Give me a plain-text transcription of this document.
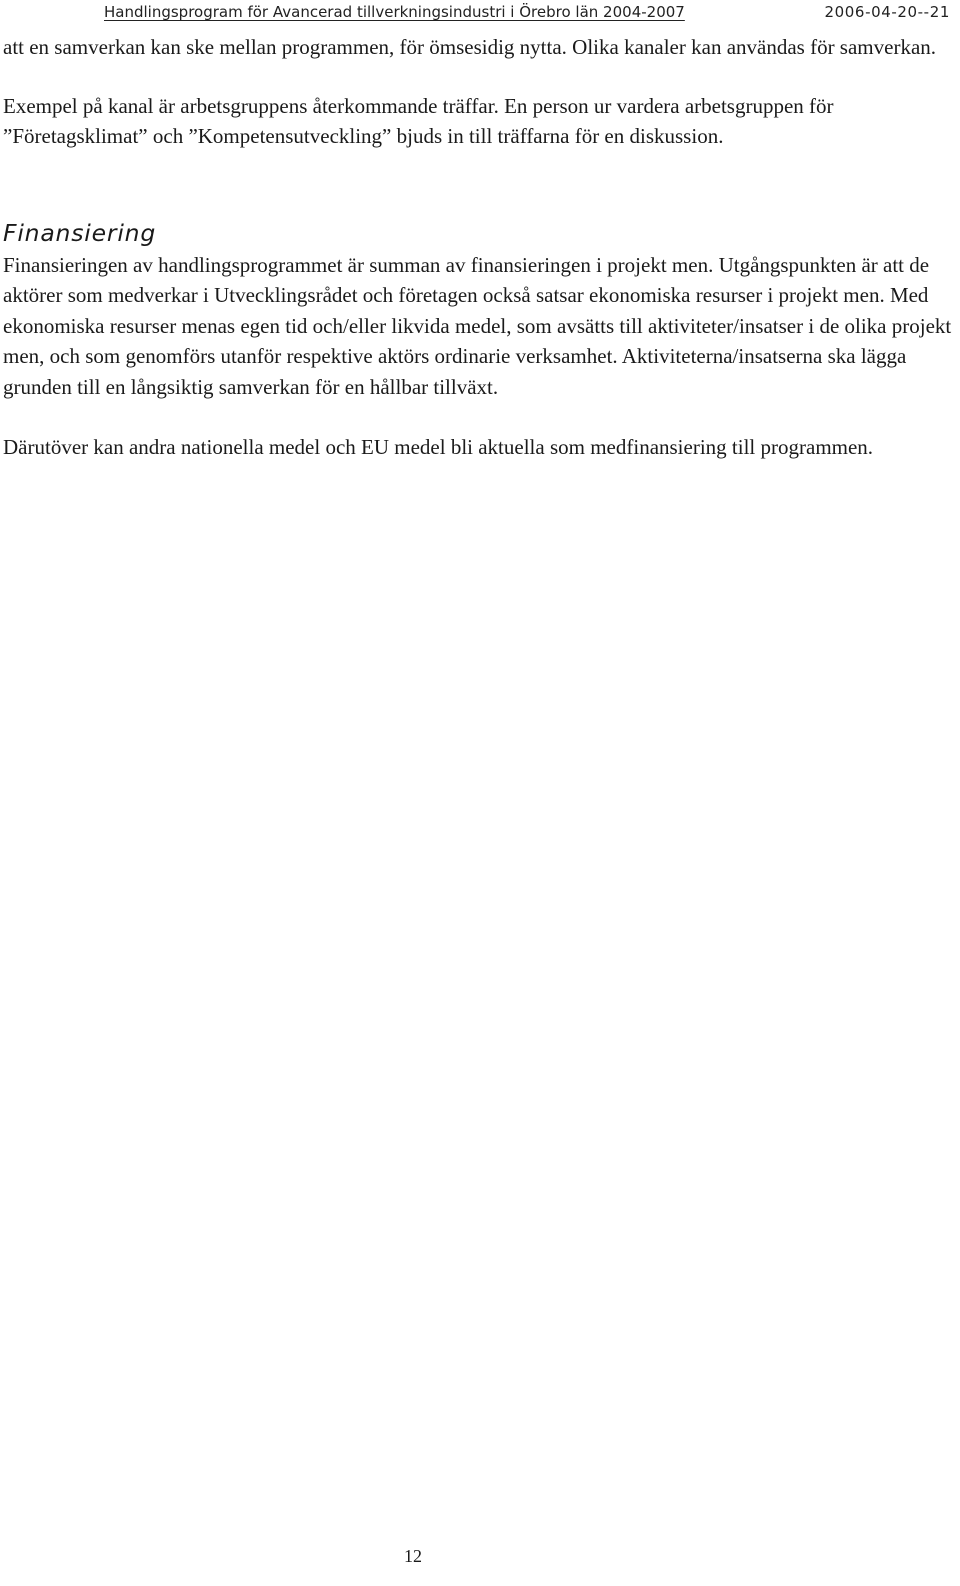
Handlingsprogram för Avancerad tillverkningsindustri i Örebro län 2004-2007	2006-04-20--21

att en samverkan kan ske mellan programmen, för ömsesidig nytta. Olika kanaler kan användas för samverkan.

Exempel på kanal är arbetsgruppens återkommande träffar. En person ur vardera arbetsgruppen för ”Företagsklimat” och ”Kompetensutveckling” bjuds in till träffarna för en diskussion.

Finansiering

Finansieringen av handlingsprogrammet är summan av finansieringen i projekt men. Utgångspunkten är att de aktörer som medverkar i Utvecklingsrådet och företagen också satsar ekonomiska resurser i projekt men. Med ekonomiska resurser menas egen tid och/eller likvida medel, som avsätts till aktiviteter/insatser i de olika projekt men, och som genomförs utanför respektive aktörs ordinarie verksamhet. Aktiviteterna/insatserna ska lägga grunden till en långsiktig samverkan för en hållbar tillväxt.

Därutöver kan andra nationella medel och EU medel bli aktuella som medfinansiering till programmen.

12
